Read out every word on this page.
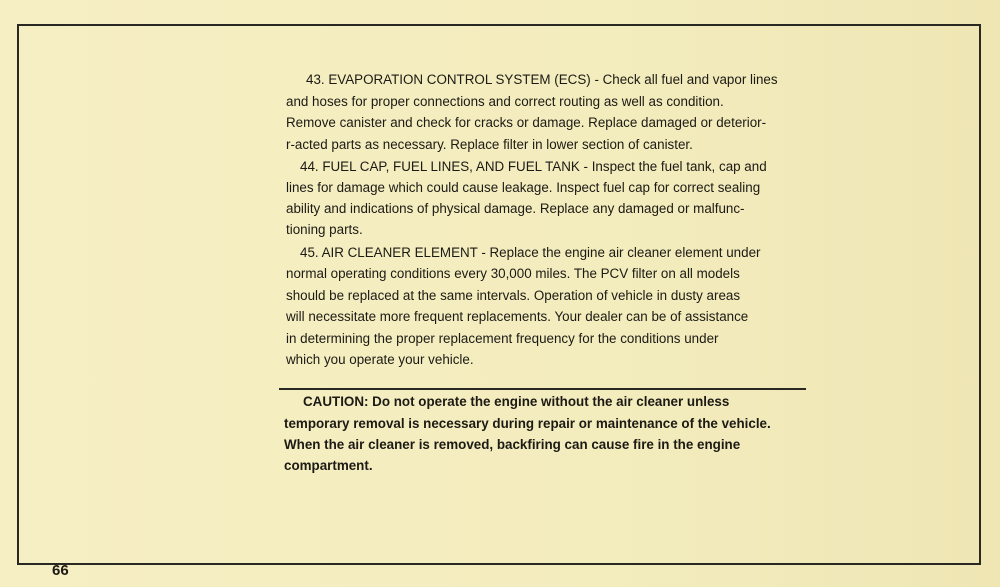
43. EVAPORATION CONTROL SYSTEM (ECS) - Check all fuel and vapor lines
and hoses for proper connections and correct routing as well as condition.
Remove canister and check for cracks or damage. Replace damaged or deterior-
r-acted parts as necessary. Replace filter in lower section of canister.
44. FUEL CAP, FUEL LINES, AND FUEL TANK - Inspect the fuel tank, cap and
lines for damage which could cause leakage. Inspect fuel cap for correct sealing
ability and indications of physical damage. Replace any damaged or malfunc-
tioning parts.
45. AIR CLEANER ELEMENT - Replace the engine air cleaner element under
normal operating conditions every 30,000 miles. The PCV filter on all models
should be replaced at the same intervals. Operation of vehicle in dusty areas
will necessitate more frequent replacements. Your dealer can be of assistance
in determining the proper replacement frequency for the conditions under
which you operate your vehicle.
CAUTION: Do not operate the engine without the air cleaner unless
temporary removal is necessary during repair or maintenance of the vehicle.
When the air cleaner is removed, backfiring can cause fire in the engine
compartment.
66
